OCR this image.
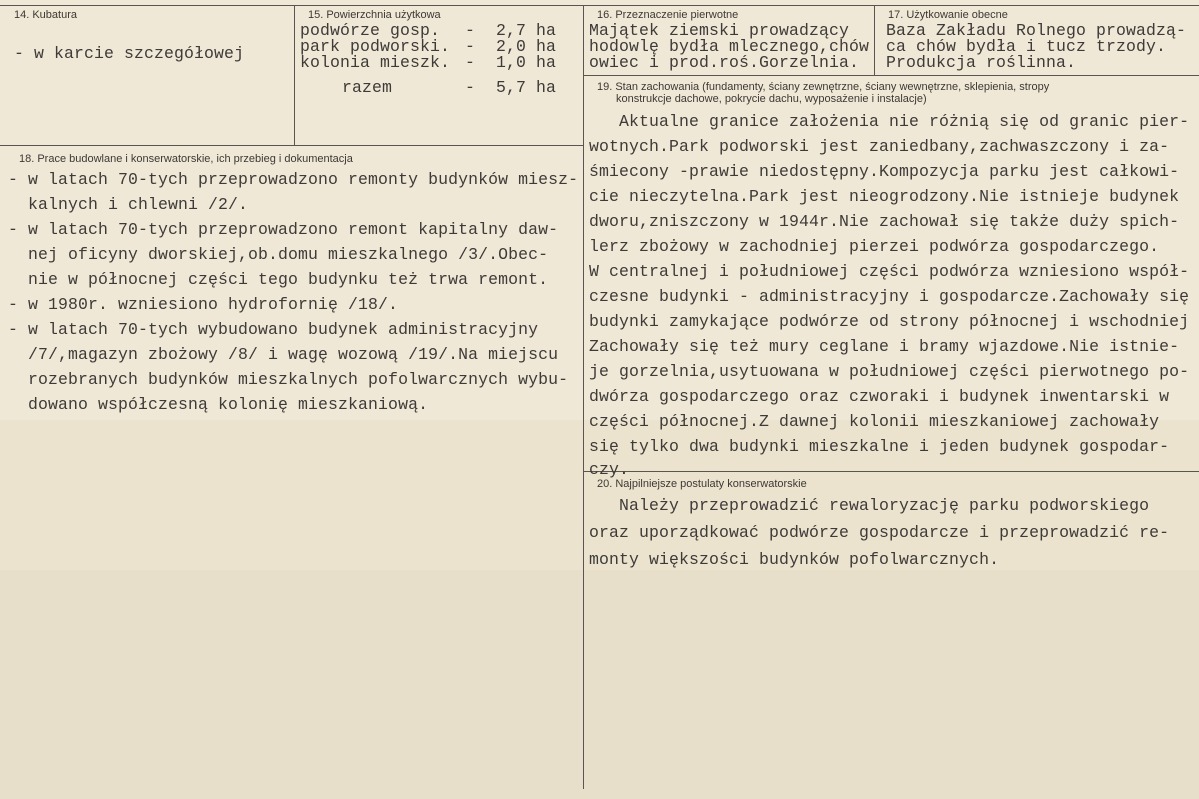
14. Kubatura
- w karcie szczegółowej
15. Powierzchnia użytkowa
podwórze gosp. - 2,7 ha
park podworski. - 2,0 ha
kolonia mieszk. - 1,0 ha
razem	- 5,7 ha
16. Przeznaczenie pierwotne
Majątek ziemski prowadzący
hodowlę bydła mlecznego,chów
owiec i prod.roś.Gorzelnia.
17. Użytkowanie obecne
Baza Zakładu Rolnego prowadzą-
ca chów bydła i tucz trzody.
Produkcja roślinna.
18. Prace budowlane i konserwatorskie, ich przebieg i dokumentacja
- w latach 70-tych przeprowadzono remonty budynków miesz-
kalnych i chlewni /2/.
- w latach 70-tych przeprowadzono remont kapitalny daw-
nej oficyny dworskiej,ob.domu mieszkalnego /3/.Obec-
nie w północnej części tego budynku też trwa remont.
- w 1980r. wzniesiono hydrofornię /18/.
- w latach 70-tych wybudowano budynek administracyjny
/7/,magazyn zbożowy /8/ i wagę wozową /19/.Na miejscu
rozebranych budynków mieszkalnych pofolwarcznych wybu-
dowano współczesną kolonię mieszkaniową.
19. Stan zachowania (fundamenty, ściany zewnętrzne, ściany wewnętrzne, sklepienia, stropy
konstrukcje dachowe, pokrycie dachu, wyposażenie i instalacje)
Aktualne granice założenia nie różnią się od granic pier-
wotnych.Park podworski jest zaniedbany,zachwaszczony i za-
śmiecony -prawie niedostępny.Kompozycja parku jest całkowi-
cie nieczytelna.Park jest nieogrodzony.Nie istnieje budynek
dworu,zniszczony w 1944r.Nie zachował się także duży spich-
lerz zbożowy w zachodniej pierzei podwórza gospodarczego.
W centralnej i południowej części podwórza wzniesiono współ-
czesne budynki - administracyjny i gospodarcze.Zachowały się
budynki zamykające podwórze od strony północnej i wschodniej
Zachowały się też mury ceglane i bramy wjazdowe.Nie istnie-
je gorzelnia,usytuowana w południowej części pierwotnego po-
dwórza gospodarczego oraz czworaki i budynek inwentarski w
części północnej.Z dawnej kolonii mieszkaniowej zachowały
się tylko dwa budynki mieszkalne i jeden budynek gospodar-
czy.
20. Najpilniejsze postulaty konserwatorskie
Należy przeprowadzić rewaloryzację parku podworskiego
oraz uporządkować podwórze gospodarcze i przeprowadzić re-
monty większości budynków pofolwarcznych.
